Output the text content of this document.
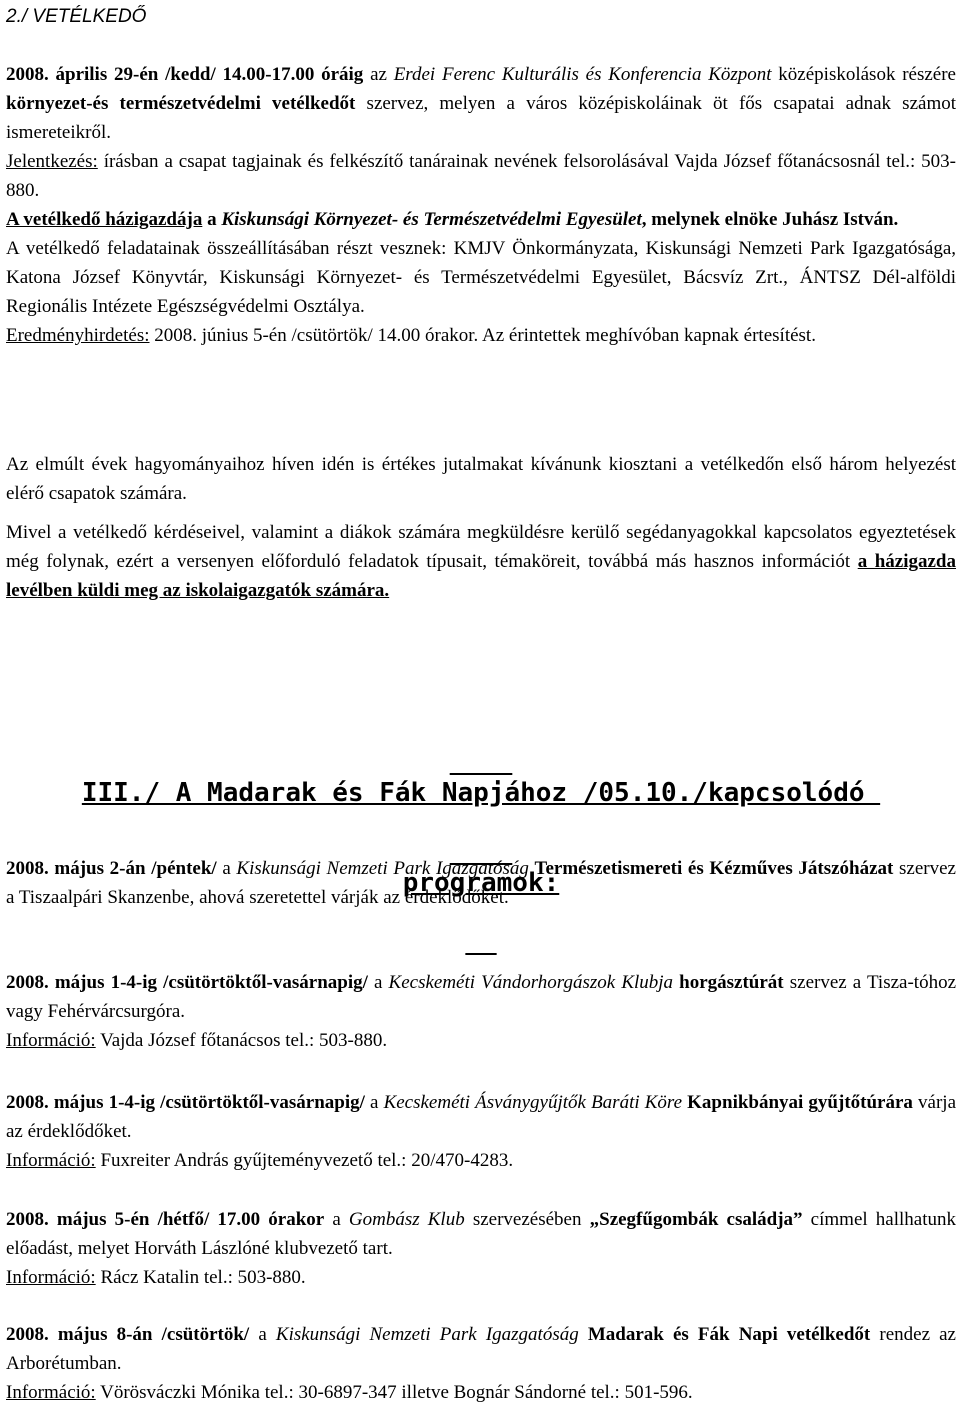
2./ VETÉLKEDŐ

2008. április 29-én /kedd/ 14.00-17.00 óráig az Erdei Ferenc Kulturális és Konferencia Központ középiskolások részére környezet-és természetvédelmi vetélkedőt szervez, melyen a város középiskoláinak öt fős csapatai adnak számot ismereteikről.

Jelentkezés: írásban a csapat tagjainak és felkészítő tanárainak nevének felsorolásával Vajda József főtanácsosnál tel.: 503-880.

A vetélkedő házigazdája a Kiskunsági Környezet- és Természetvédelmi Egyesület, melynek elnöke Juhász István.

A vetélkedő feladatainak összeállításában részt vesznek: KMJV Önkormányzata, Kiskunsági Nemzeti Park Igazgatósága, Katona József Könyvtár, Kiskunsági Környezet- és Természetvédelmi Egyesület, Bácsvíz Zrt., ÁNTSZ Dél-alföldi Regionális Intézete Egészségvédelmi Osztálya.

Eredményhirdetés: 2008. június 5-én /csütörtök/ 14.00 órakor. Az érintettek meghívóban kapnak értesítést.

Az elmúlt évek hagyományaihoz híven idén is értékes jutalmakat kívánunk kiosztani a vetélkedőn első három helyezést elérő csapatok számára.

Mivel a vetélkedő kérdéseivel, valamint a diákok számára megküldésre kerülő segédanyagokkal kapcsolatos egyeztetések még folynak, ezért a versenyen előforduló feladatok típusait, témaköreit, továbbá más hasznos információt a házigazda levélben küldi meg az iskolaigazgatók számára.

III./ A Madarak és Fák Napjához /05.10./kapcsolódó

programok:

2008. május 2-án /péntek/ a Kiskunsági Nemzeti Park Igazgatóság Természetismereti és Kézműves Játszóházat szervez a Tiszaalpári Skanzenbe, ahová szeretettel várják az érdeklődőket.

2008. május 1-4-ig /csütörtöktől-vasárnapig/ a Kecskeméti Vándorhorgászok Klubja horgásztúrát szervez a Tisza-tóhoz vagy Fehérvárcsurgóra.

Információ: Vajda József főtanácsos tel.: 503-880.

2008. május 1-4-ig /csütörtöktől-vasárnapig/ a Kecskeméti Ásványgyűjtők Baráti Köre Kapnikbányai gyűjtőtúrára várja az érdeklődőket.

Információ: Fuxreiter András gyűjteményvezető tel.: 20/470-4283.

2008. május 5-én /hétfő/ 17.00 órakor a Gombász Klub szervezésében „Szegfűgombák családja” címmel hallhatunk előadást, melyet Horváth Lászlóné klubvezető tart.

Információ: Rácz Katalin tel.: 503-880.

2008. május 8-án /csütörtök/ a Kiskunsági Nemzeti Park Igazgatóság Madarak és Fák Napi vetélkedőt rendez az Arborétumban.

Információ: Vörösváczki Mónika tel.: 30-6897-347 illetve Bognár Sándorné tel.: 501-596.
